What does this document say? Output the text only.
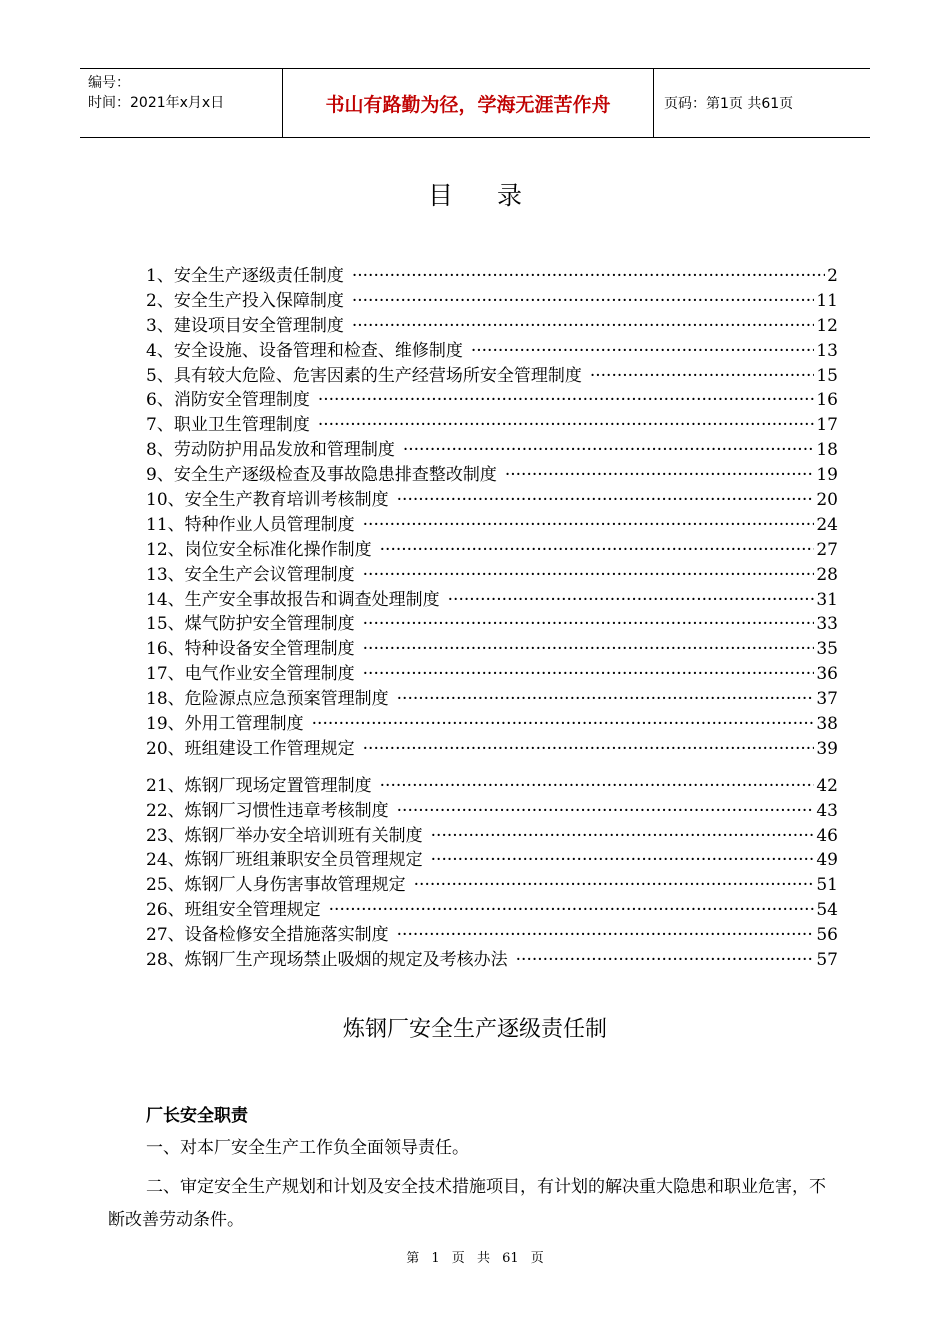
编号：
时间：2021年x月x日	书山有路勤为径，学海无涯苦作舟	页码：第1页 共61页
目录
1、安全生产逐级责任制度 ·····	2
2、安全生产投入保障制度 ·····	11
3、建设项目安全管理制度 ·····	12
4、安全设施、设备管理和检查、维修制度 ·····	13
5、具有较大危险、危害因素的生产经营场所安全管理制度 ·····	15
6、消防安全管理制度 ·····	16
7、职业卫生管理制度 ·····	17
8、劳动防护用品发放和管理制度 ·····	18
9、安全生产逐级检查及事故隐患排查整改制度 ·····	19
10、安全生产教育培训考核制度 ·····	20
11、特种作业人员管理制度 ·····	24
12、岗位安全标准化操作制度 ·····	27
13、安全生产会议管理制度 ·····	28
14、生产安全事故报告和调查处理制度 ·····	31
15、煤气防护安全管理制度 ·····	33
16、特种设备安全管理制度 ·····	35
17、电气作业安全管理制度 ·····	36
18、危险源点应急预案管理制度 ·····	37
19、外用工管理制度 ·····	38
20、班组建设工作管理规定 ·····	39
21、炼钢厂现场定置管理制度 ·····	42
22、炼钢厂习惯性违章考核制度 ·····	43
23、炼钢厂举办安全培训班有关制度 ·····	46
24、炼钢厂班组兼职安全员管理规定 ·····	49
25、炼钢厂人身伤害事故管理规定 ·····	51
26、班组安全管理规定 ·····	54
27、设备检修安全措施落实制度 ·····	56
28、炼钢厂生产现场禁止吸烟的规定及考核办法 ·····	57
炼钢厂安全生产逐级责任制
厂长安全职责

一、对本厂安全生产工作负全面领导责任。

二、审定安全生产规划和计划及安全技术措施项目，有计划的解决重大隐患和职业危害，不断改善劳动条件。

第 1 页 共 61 页
